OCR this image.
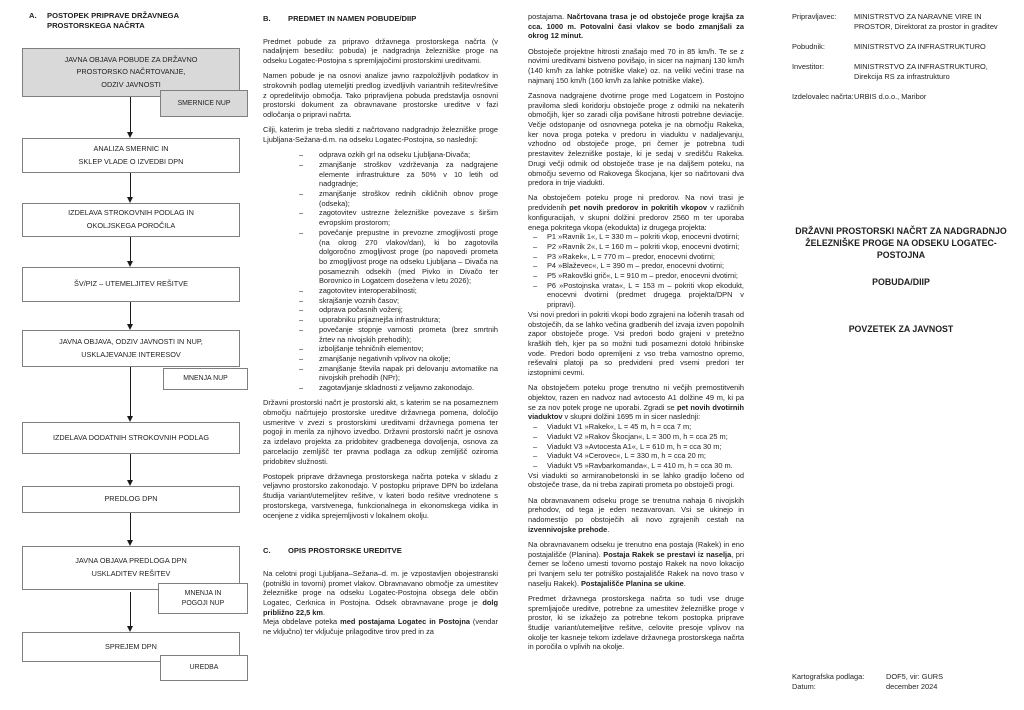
A.	POSTOPEK PRIPRAVE DRŽAVNEGA
PROSTORSKEGA NAČRTA
JAVNA OBJAVA POBUDE ZA DRŽAVNO
PROSTORSKO NAČRTOVANJE,
ODZIV JAVNOSTI
SMERNICE NUP
ANALIZA SMERNIC IN
SKLEP VLADE O IZVEDBI DPN
IZDELAVA STROKOVNIH PODLAG IN
OKOLJSKEGA POROČILA
ŠV/PIZ – UTEMELJITEV REŠITVE
JAVNA OBJAVA, ODZIV JAVNOSTI IN NUP,
USKLAJEVANJE INTERESOV
MNENJA NUP
IZDELAVA DODATNIH STROKOVNIH PODLAG
PREDLOG DPN
JAVNA OBJAVA PREDLOGA DPN
USKLADITEV REŠITEV
MNENJA IN
POGOJI NUP
SPREJEM DPN
UREDBA
B.	PREDMET IN NAMEN POBUDE/DIIP

Predmet pobude za pripravo državnega prostorskega načrta (v nadaljnjem besedilu: pobuda) je nadgradnja železniške proge na odseku Logatec-Postojna s spremljajočimi prostorskimi ureditvami.

Namen pobude je na osnovi analize javno razpoložljivih podatkov in strokovnih podlag utemeljiti predlog izvedljivih variantnih rešitev/rešitve z opredelitvijo območja. Tako pripravljena pobuda predstavlja osnovni prostorski dokument za obravnavane prostorske ureditve v fazi odločanja o pripravi načrta.

Cilji, katerim je treba slediti z načrtovano nadgradnjo železniške proge Ljubljana-Sežana-d.m. na odseku Logatec-Postojna, so naslednji:

–	odprava ozkih grl na odseku Ljubljana-Divača;
–	zmanjšanje stroškov vzdrževanja za nadgrajene elemente infrastrukture za 50% v 10 letih od nadgradnje;
–	zmanjšanje stroškov rednih cikličnih obnov proge (odseka);
–	zagotovitev ustrezne železniške povezave s širšim evropskim prostorom;
–	povečanje prepustne in prevozne zmogljivosti proge (na okrog 270 vlakov/dan), ki bo zagotovila dolgoročno zmogljivost proge (po napovedi prometa bo zmogljivost proge na odseku Ljubljana – Divača na posameznih odsekih (med Pivko in Divačo ter Borovnico in Logatcem dosežena v letu 2026);
–	zagotovitev interoperabilnosti;
–	skrajšanje voznih časov;
–	odprava počasnih voženj;
–	uporabniku prijaznejša infrastruktura;
–	povečanje stopnje varnosti prometa (brez smrtnih žrtev na nivojskih prehodih);
–	izboljšanje tehničnih elementov;
–	zmanjšanje negativnih vplivov na okolje;
–	zmanjšanje števila napak pri delovanju avtomatike na nivojskih prehodih (NPr);
–	zagotavljanje skladnosti z veljavno zakonodajo.

Državni prostorski načrt je prostorski akt, s katerim se na posameznem območju načrtujejo prostorske ureditve državnega pomena, določijo usmeritve v zvezi s prostorskimi ureditvami državnega pomena ter pogoji in merila za njihovo izvedbo. Državni prostorski načrt je osnova za izdelavo projekta za pridobitev gradbenega dovoljenja, osnova za parcelacijo zemljišč ter pravna podlaga za odkup zemljišč oziroma pridobitev služnosti.

Postopek priprave državnega prostorskega načrta poteka v skladu z veljavno prostorsko zakonodajo. V postopku priprave DPN bo izdelana študija variant/utemeljitev rešitve, v kateri bodo rešitve vrednotene s prostorskega, varstvenega, funkcionalnega in ekonomskega vidika in ocenjene z vidika sprejemljivosti v lokalnem okolju.

C.	OPIS PROSTORSKE UREDITVE

Na celotni progi Ljubljana–Sežana–d. m. je vzpostavljen obojestranski (potniški in tovorni) promet vlakov. Obravnavano območje za umestitev železniške proge na odseku Logatec-Postojna obsega dele občin Logatec, Cerknica in Postojna. Odsek obravnavane proge je dolg približno 22,5 km.

Meja obdelave poteka med postajama Logatec in Postojna (vendar ne vključno) ter vključuje prilagoditve tirov pred in za

postajama. Načrtovana trasa je od obstoječe proge krajša za cca. 1000 m. Potovalni časi vlakov se bodo zmanjšali za okrog 12 minut.

Obstoječe projektne hitrosti znašajo med 70 in 85 km/h. Te se z novimi ureditvami bistveno povišajo, in sicer na najmanj 130 km/h (140 km/h za lahke potniške vlake) oz. na veliki večini trase na najmanj 150 km/h (160 km/h za lahke potniške vlake).

Zasnova nadgrajene dvotirne proge med Logatcem in Postojno praviloma sledi koridorju obstoječe proge z odmiki na nekaterih območjih, kjer so zaradi cilja povišane hitrosti potrebne deviacije. Večje odstopanje od osnovnega poteka je na območju Rakeka, ker nova proga poteka v predoru in viaduktu v nadaljevanju, vzhodno od obstoječe proge, pri čemer je potrebna tudi prestavitev železniške postaje, ki je sedaj v središču Rakeka. Drugi večji odmik od obstoječe trase je na daljšem poteku, na območju severno od Rakovega Škocjana, kjer so načrtovani dva predora in trije viadukti.

Na obstoječem poteku proge ni predorov. Na novi trasi je predvidenih pet novih predorov in pokritih vkopov v različnih konfiguracijah, v skupni dolžini predorov 2560 m ter uporaba enega pokritega vkopa (ekodukta) iz drugega projekta:

–	P1 »Ravnik 1«, L = 330 m – pokriti vkop, enocevni dvotirni;
–	P2 »Ravnik 2«, L = 160 m – pokriti vkop, enocevni dvotirni;
–	P3 »Rakek«, L = 770 m – predor, enocevni dvotirni;
–	P4 »Blaževec«, L = 390 m – predor, enocevni dvotirni;
–	P5 »Rakovški grič«, L = 910 m – predor, enocevni dvotirni;
–	P6 »Postojnska vrata«, L = 153 m – pokriti vkop ekodukt, enocevni dvotirni (predmet drugega projekta/DPN v pripravi).

Vsi novi predori in pokriti vkopi bodo zgrajeni na ločenih trasah od obstoječih, da se lahko večina gradbenih del izvaja izven popolnih zapor obstoječe proge. Vsi predori bodo grajeni v pretežno kraških tleh, kjer pa so možni tudi posamezni dotoki hribinske vode. Predori bodo opremljeni z vso treba varnostno opremo, reševalni platoji pa so predvideni pred vsemi predori ter izstopnimi cevmi.

Na obstoječem poteku proge trenutno ni večjih premostitvenih objektov, razen en nadvoz nad avtocesto A1 dolžine 49 m, ki pa se za nov potek proge ne uporabi. Zgradi se pet novih dvotirnih viaduktov v skupni dolžini 1695 m in sicer naslednji:

–	Viadukt V1 »Rakek«, L = 45 m, h = cca 7 m;
–	Viadukt V2 »Rakov Škocjan«, L = 300 m, h = cca 25 m;
–	Viadukt V3 »Avtocesta A1«, L = 610 m, h = cca 30 m;
–	Viadukt V4 »Cerovec«, L = 330 m, h = cca 20 m;
–	Viadukt V5 »Ravbarkomanda«, L = 410 m, h = cca 30 m.

Vsi viadukti so armiranobetonski in se lahko gradijo ločeno od obstoječe trase, da ni treba zapirati prometa po obstoječi progi.

Na obravnavanem odseku proge se trenutna nahaja 6 nivojskih prehodov, od tega je eden nezavarovan. Vsi se ukinejo in nadomestijo po obstoječih ali novo zgrajenih cestah na izvennivojske prehode.

Na obravnavanem odseku je trenutno ena postaja (Rakek) in eno postajališče (Planina). Postaja Rakek se prestavi iz naselja, pri čemer se ločeno umesti tovorno postajo Rakek na novo lokacijo pri Ivanjem selu ter potniško postajališče Rakek na novo traso v naselju Rakek). Postajališče Planina se ukine.

Predmet državnega prostorskega načrta so tudi vse druge spremljajoče ureditve, potrebne za umestitev železniške proge v prostor, ki se izkažejo za potrebne tekom postopka priprave študije variant/utemeljitve rešitve, celovite presoje vplivov na okolje ter kasneje tekom izdelave državnega prostorskega načrta in poročila o vplivih na okolje.

Pripravljavec:	MINISTRSTVO ZA NARAVNE VIRE IN PROSTOR, Direktorat za prostor in graditev
Pobudnik:	MINISTRSTVO ZA INFRASTRUKTURO
Investitor:	MINISTRSTVO ZA INFRASTRUKTURO, Direkcija RS za infrastrukturo
Izdelovalec načrta: URBIS d.o.o., Maribor
DRŽAVNI PROSTORSKI NAČRT ZA NADGRADNJO ŽELEZNIŠKE PROGE NA ODSEKU LOGATEC-POSTOJNA
POBUDA/DIIP
POVZETEK ZA JAVNOST
Kartografska podlaga:	DOF5, vir: GURS
Datum:	december 2024
